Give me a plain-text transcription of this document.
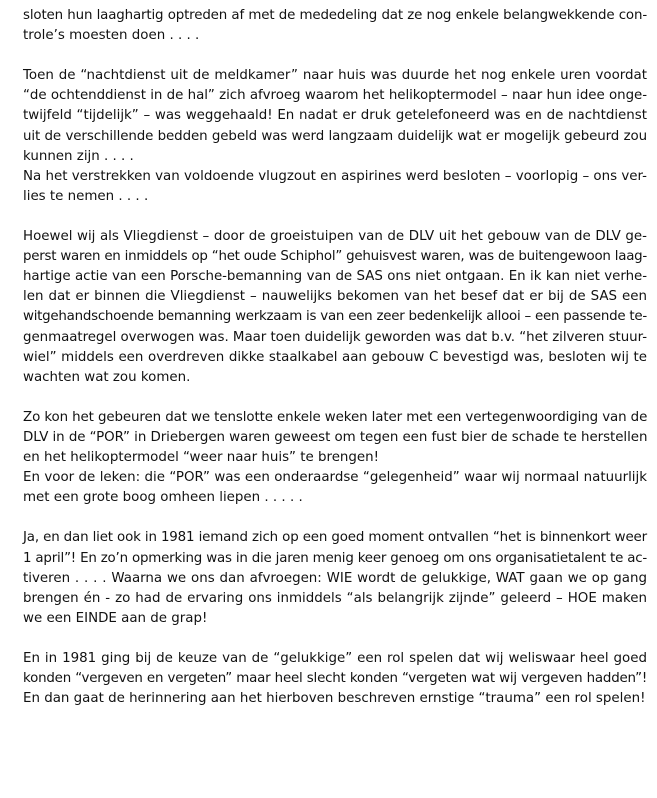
sloten hun laaghartig optreden af met de mededeling dat ze nog enkele belangwekkende con-
trole’s moesten doen . . . .
Toen de “nachtdienst uit de meldkamer” naar huis was duurde het nog enkele uren voordat
“de ochtenddienst in de hal” zich afvroeg waarom het helikoptermodel – naar hun idee onge-
twijfeld “tijdelijk” – was weggehaald! En nadat er druk getelefoneerd was en de nachtdienst
uit de verschillende bedden gebeld was werd langzaam duidelijk wat er mogelijk gebeurd zou
kunnen zijn . . . .
Na het verstrekken van voldoende vlugzout en aspirines werd besloten – voorlopig – ons ver-
lies te nemen . . . .
Hoewel wij als Vliegdienst – door de groeistuipen van de DLV uit het gebouw van de DLV ge-
perst waren en inmiddels op “het oude Schiphol” gehuisvest waren, was de buitengewoon laag-
hartige actie van een Porsche-bemanning van de SAS ons niet ontgaan. En ik kan niet verhe-
len dat er binnen die Vliegdienst – nauwelijks bekomen van het besef dat er bij de SAS een
witgehandschoende bemanning werkzaam is van een zeer bedenkelijk allooi – een passende te-
genmaatregel overwogen was. Maar toen duidelijk geworden was dat b.v. “het zilveren stuur-
wiel” middels een overdreven dikke staalkabel aan gebouw C bevestigd was, besloten wij te
wachten wat zou komen.
Zo kon het gebeuren dat we tenslotte enkele weken later met een vertegenwoordiging van de
DLV in de “POR” in Driebergen waren geweest om tegen een fust bier de schade te herstellen
en het helikoptermodel “weer naar huis” te brengen!
En voor de leken: die “POR” was een onderaardse “gelegenheid” waar wij normaal natuurlijk
met een grote boog omheen liepen . . . . .
Ja, en dan liet ook in 1981 iemand zich op een goed moment ontvallen “het is binnenkort weer
1 april”! En zo’n opmerking was in die jaren menig keer genoeg om ons organisatietalent te ac-
tiveren . . . . Waarna we ons dan afvroegen: WIE wordt de gelukkige, WAT gaan we op gang
brengen én - zo had de ervaring ons inmiddels “als belangrijk zijnde” geleerd – HOE maken
we een EINDE aan de grap!
En in 1981 ging bij de keuze van de “gelukkige” een rol spelen dat wij weliswaar heel goed
konden “vergeven en vergeten” maar heel slecht konden “vergeten wat wij vergeven hadden”!
En dan gaat de herinnering aan het hierboven beschreven ernstige “trauma” een rol spelen!
